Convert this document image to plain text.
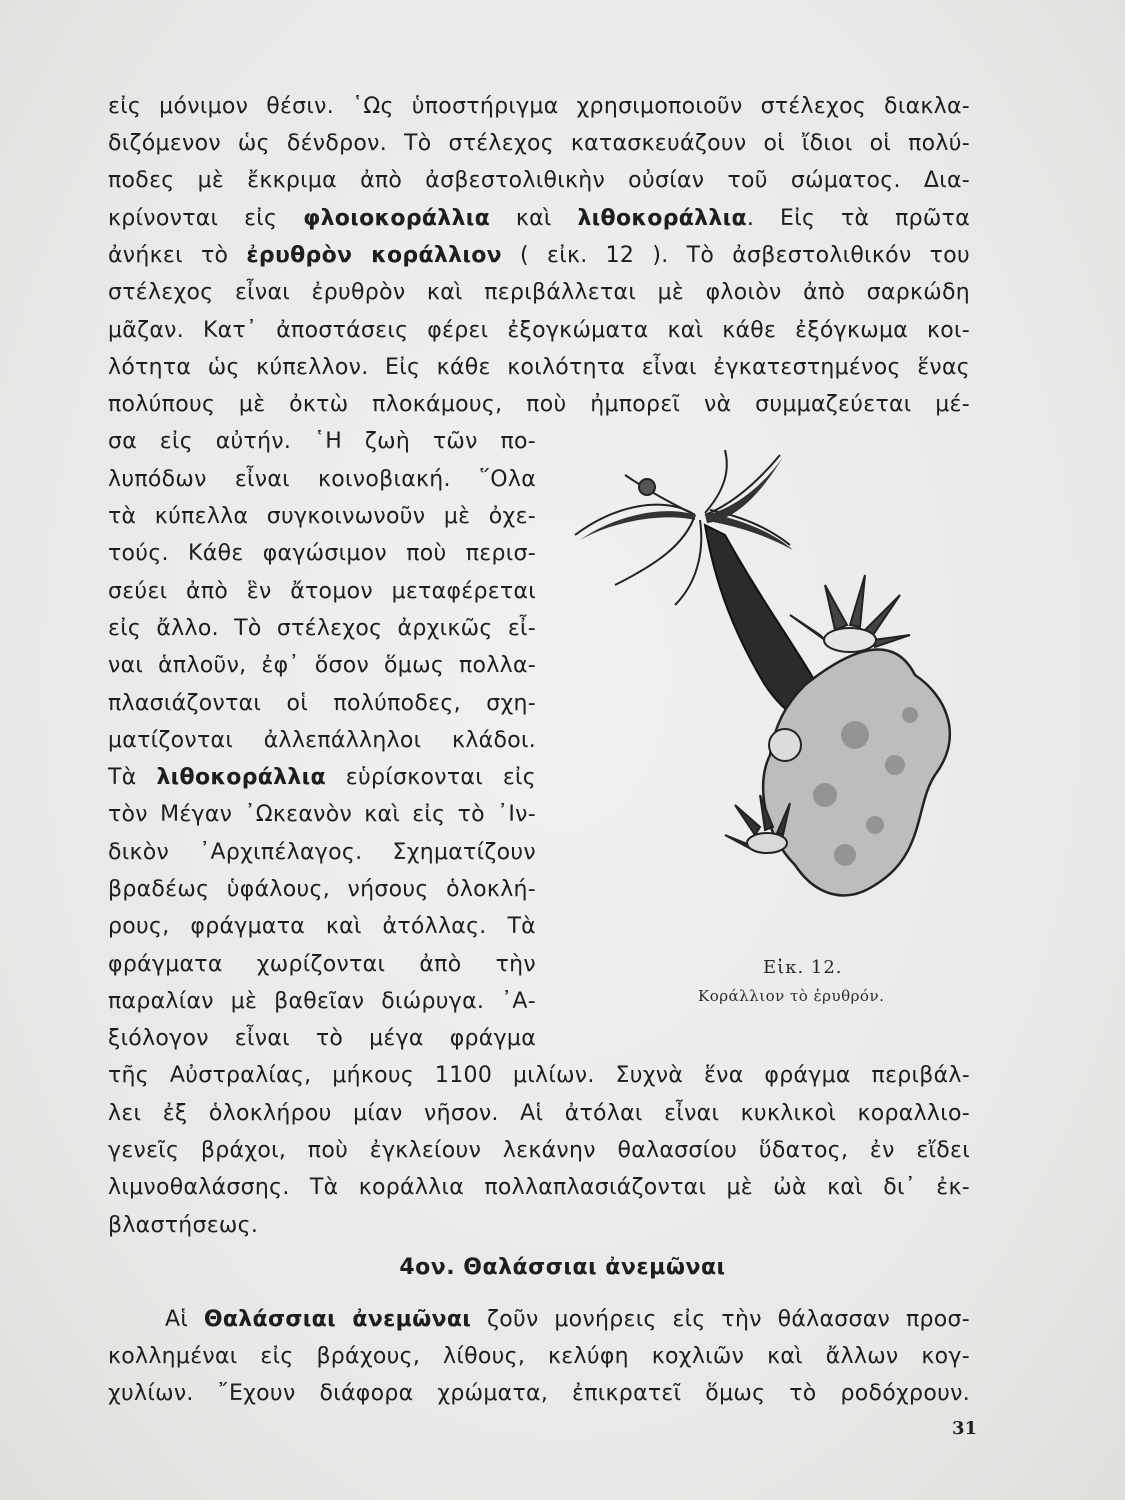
εἰς μόνιμον θέσιν. ῾Ως ὑποστήριγμα χρησιμοποιοῦν στέλεχος διακλα-
διζόμενον ὡς δένδρον. Τὸ στέλεχος κατασκευάζουν οἱ ἴδιοι οἱ πολύ-
ποδες μὲ ἔκκριμα ἀπὸ ἀσβεστολιθικὴν οὐσίαν τοῦ σώματος. Δια-
κρίνονται εἰς φλοιοκοράλλια καὶ λιθοκοράλλια. Εἰς τὰ πρῶτα
ἀνήκει τὸ ἐρυθρὸν κοράλλιον ( εἰκ. 12 ). Τὸ ἀσβεστολιθικόν του
στέλεχος εἶναι ἐρυθρὸν καὶ περιβάλλεται μὲ φλοιὸν ἀπὸ σαρκώδη
μᾶζαν. Κατ᾽ ἀποστάσεις φέρει ἐξογκώματα καὶ κάθε ἐξόγκωμα κοι-
λότητα ὡς κύπελλον. Εἰς κάθε κοιλότητα εἶναι ἐγκατεστημένος ἕνας
πολύπους μὲ ὀκτὼ πλοκάμους, ποὺ ἠμπορεῖ νὰ συμμαζεύεται μέ-
σα εἰς αὐτήν. ῾Η ζωὴ τῶν πο-
λυπόδων εἶναι κοινοβιακή. ῞Ολα
τὰ κύπελλα συγκοινωνοῦν μὲ ὀχε-
τούς. Κάθε φαγώσιμον ποὺ περισ-
σεύει ἀπὸ ἓν ἄτομον μεταφέρεται
εἰς ἄλλο. Τὸ στέλεχος ἀρχικῶς εἶ-
ναι ἁπλοῦν, ἐφ᾽ ὅσον ὅμως πολλα-
πλασιάζονται οἱ πολύποδες, σχη-
ματίζονται ἀλλεπάλληλοι κλάδοι.
Τὰ λιθοκοράλλια εὑρίσκονται εἰς
τὸν Μέγαν ᾽Ωκεανὸν καὶ εἰς τὸ ᾽Ιν-
δικὸν ᾽Αρχιπέλαγος. Σχηματίζουν
βραδέως ὑφάλους, νήσους ὁλοκλή-
ρους, φράγματα καὶ ἀτόλλας. Τὰ
φράγματα χωρίζονται ἀπὸ τὴν
παραλίαν μὲ βαθεῖαν διώρυγα. ᾽Α-
ξιόλογον εἶναι τὸ μέγα φράγμα
τῆς Αὐστραλίας, μήκους 1100 μιλίων. Συχνὰ ἕνα φράγμα περιβάλ-
λει ἐξ ὁλοκλήρου μίαν νῆσον. Αἱ ἀτόλαι εἶναι κυκλικοὶ κοραλλιο-
γενεῖς βράχοι, ποὺ ἐγκλείουν λεκάνην θαλασσίου ὕδατος, ἐν εἴδει
λιμνοθαλάσσης. Τὰ κοράλλια πολλαπλασιάζονται μὲ ὠὰ καὶ δι᾽ ἐκ-
βλαστήσεως.
4ον. Θαλάσσιαι ἀνεμῶναι
Αἱ Θαλάσσιαι ἀνεμῶναι ζοῦν μονήρεις εἰς τὴν θάλασσαν προσ-
κολλημέναι εἰς βράχους, λίθους, κελύφη κοχλιῶν καὶ ἄλλων κογ-
χυλίων. ῎Εχουν διάφορα χρώματα, ἐπικρατεῖ ὅμως τὸ ροδόχρουν.
Εἰκ. 12.
Κοράλλιον τὸ ἐρυθρόν.
31
